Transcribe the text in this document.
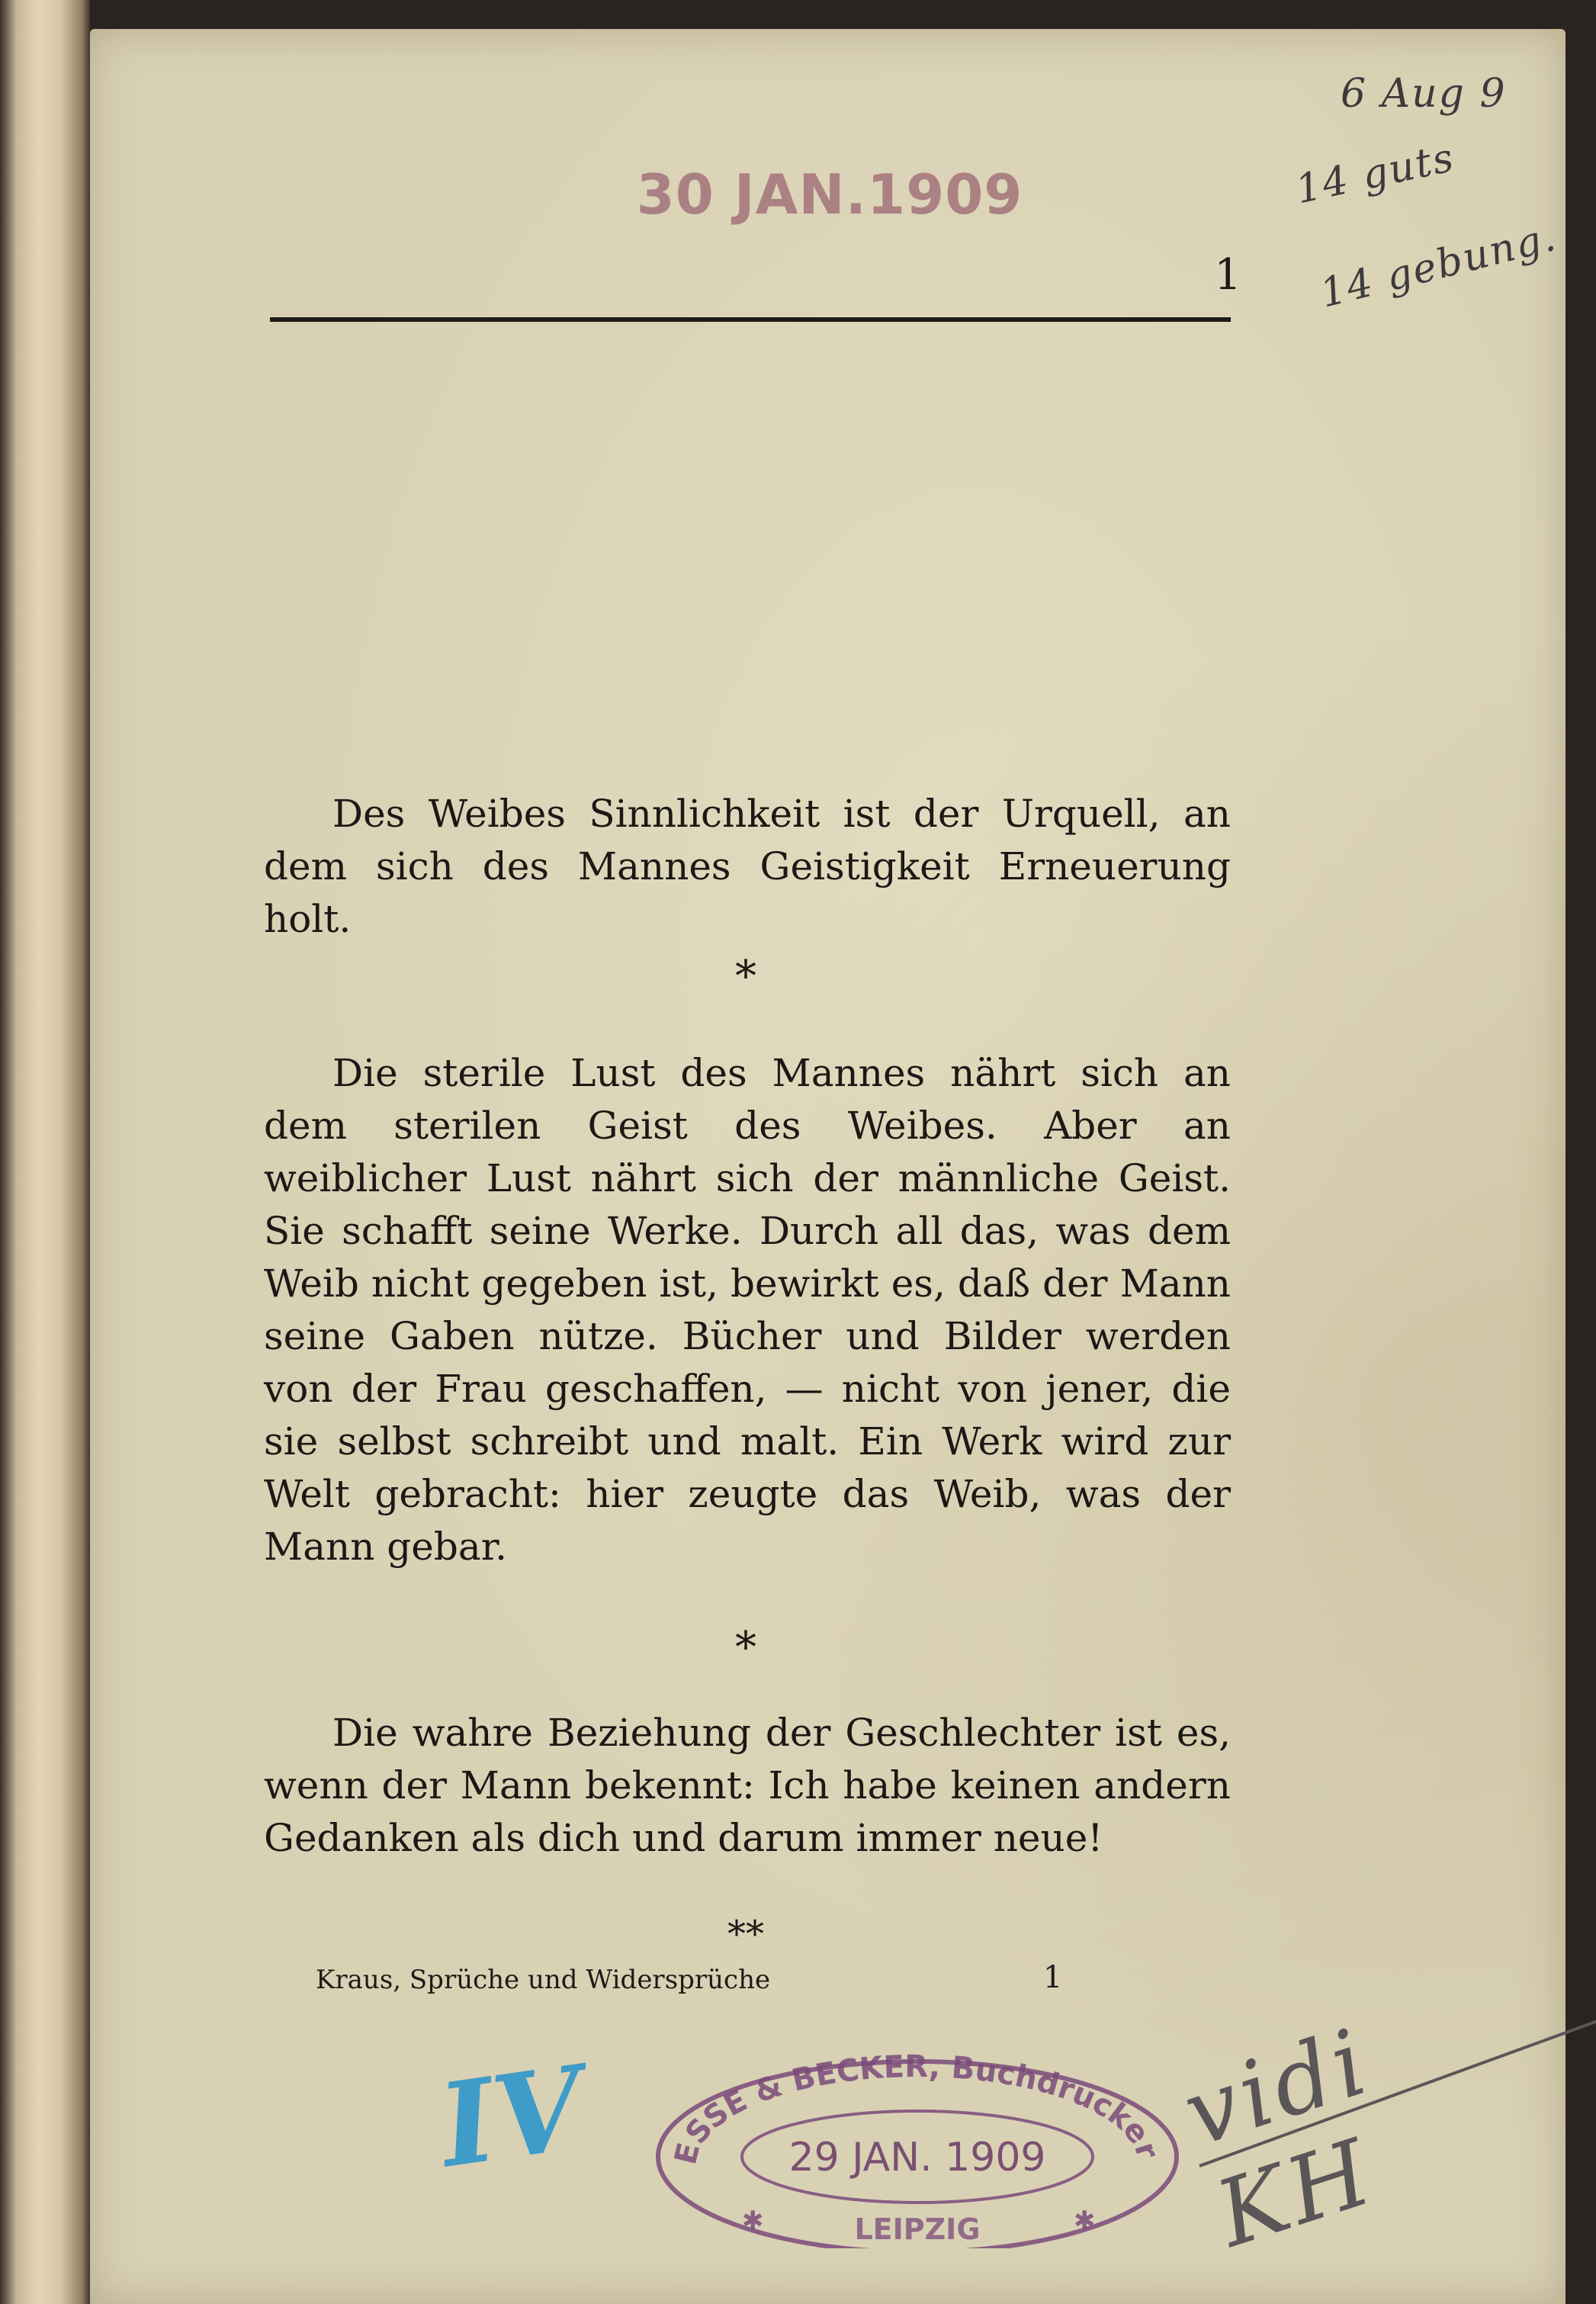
6 Aug 9
14 guts
14 gebung.
30 JAN.1909
1

Des Weibes Sinnlichkeit ist der Urquell, an dem sich des Mannes Geistigkeit Erneuerung holt.

*

Die sterile Lust des Mannes nährt sich an dem sterilen Geist des Weibes. Aber an weiblicher Lust nährt sich der männliche Geist. Sie schafft seine Werke. Durch all das, was dem Weib nicht gegeben ist, bewirkt es, daß der Mann seine Gaben nütze. Bücher und Bilder werden von der Frau geschaffen, — nicht von jener, die sie selbst schreibt und malt. Ein Werk wird zur Welt gebracht: hier zeugte das Weib, was der Mann gebar.

*

Die wahre Beziehung der Geschlechter ist es, wenn der Mann bekennt: Ich habe keinen andern Gedanken als dich und darum immer neue!

**
Kraus, Sprüche und Widersprüche	1
IV	ESSE & BECKER, Buchdrucker
29 JAN. 1909
✱	✱
LEIPZIG
vidi KH
